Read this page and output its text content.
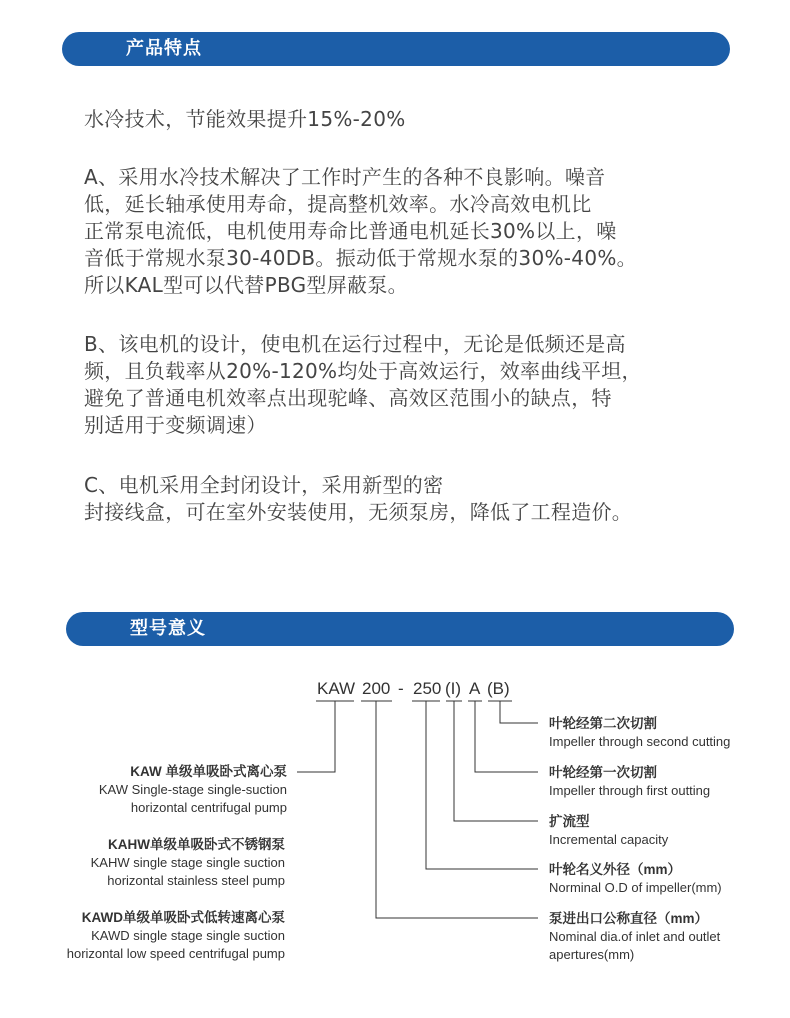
产品特点
水冷技术，节能效果提升15%-20%
A、采用水冷技术解决了工作时产生的各种不良影响。噪音
低，延长轴承使用寿命，提高整机效率。水冷高效电机比
正常泵电流低，电机使用寿命比普通电机延长30%以上，噪
音低于常规水泵30-40DB。振动低于常规水泵的30%-40%。
所以KAL型可以代替PBG型屏蔽泵。
B、该电机的设计，使电机在运行过程中，无论是低频还是高
频，且负载率从20%-120%均处于高效运行，效率曲线平坦，
避免了普通电机效率点出现驼峰、高效区范围小的缺点，特
别适用于变频调速）
C、电机采用全封闭设计，采用新型的密
封接线盒，可在室外安装使用，无须泵房，降低了工程造价。
型号意义
KAW 200 - 250 (I) A (B)
KAW 单级单吸卧式离心泵
KAW Single-stage single-suction
horizontal centrifugal pump
KAHW单级单吸卧式不锈钢泵
KAHW single stage single suction
horizontal stainless steel pump
KAWD单级单吸卧式低转速离心泵
KAWD single stage single suction
horizontal low speed centrifugal pump
叶轮经第二次切割
Impeller through second cutting
叶轮经第一次切割
Impeller through first outting
扩流型
Incremental capacity
叶轮名义外径（mm）
Norminal O.D of impeller(mm)
泵进出口公称直径（mm）
Nominal dia.of inlet and outlet
apertures(mm)
